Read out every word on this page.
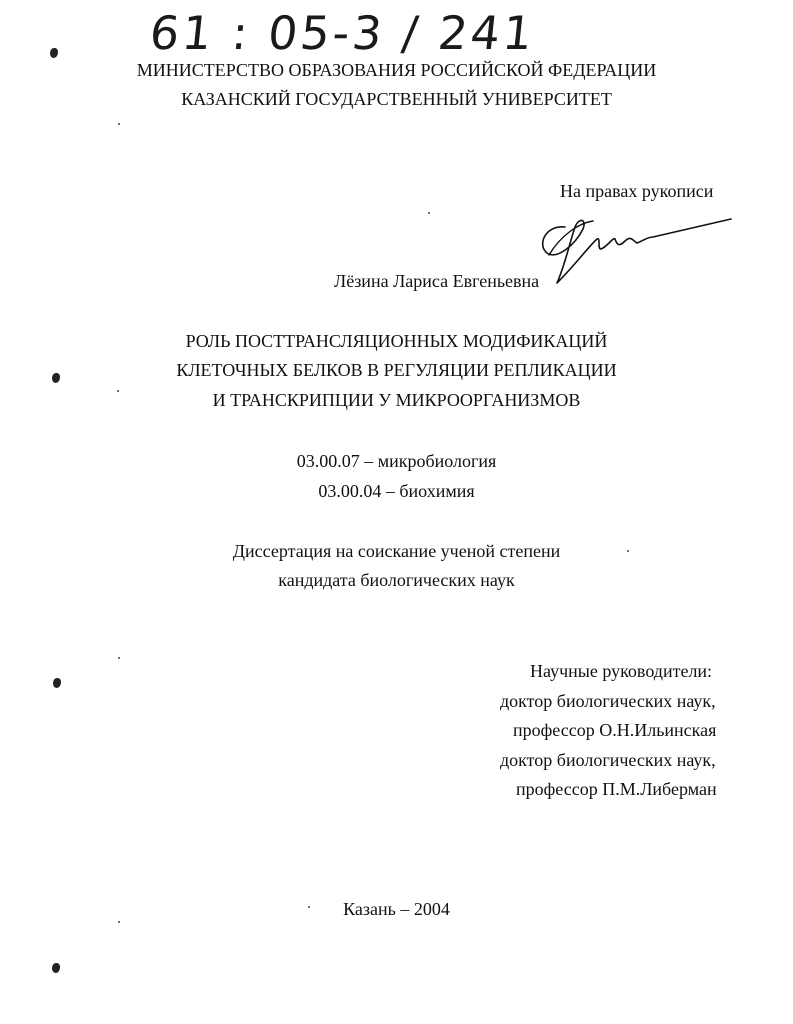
61 : 05-3 / 241
МИНИСТЕРСТВО ОБРАЗОВАНИЯ РОССИЙСКОЙ ФЕДЕРАЦИИ
КАЗАНСКИЙ ГОСУДАРСТВЕННЫЙ УНИВЕРСИТЕТ
На правах рукописи
Лёзина Лариса Евгеньевна
РОЛЬ ПОСТТРАНСЛЯЦИОННЫХ МОДИФИКАЦИЙ
КЛЕТОЧНЫХ БЕЛКОВ В РЕГУЛЯЦИИ РЕПЛИКАЦИИ
И ТРАНСКРИПЦИИ У МИКРООРГАНИЗМОВ
03.00.07 – микробиология
03.00.04 – биохимия
Диссертация на соискание ученой степени
кандидата биологических наук
Научные руководители:
доктор биологических наук,
профессор О.Н.Ильинская
доктор биологических наук,
профессор П.М.Либерман
Казань – 2004
